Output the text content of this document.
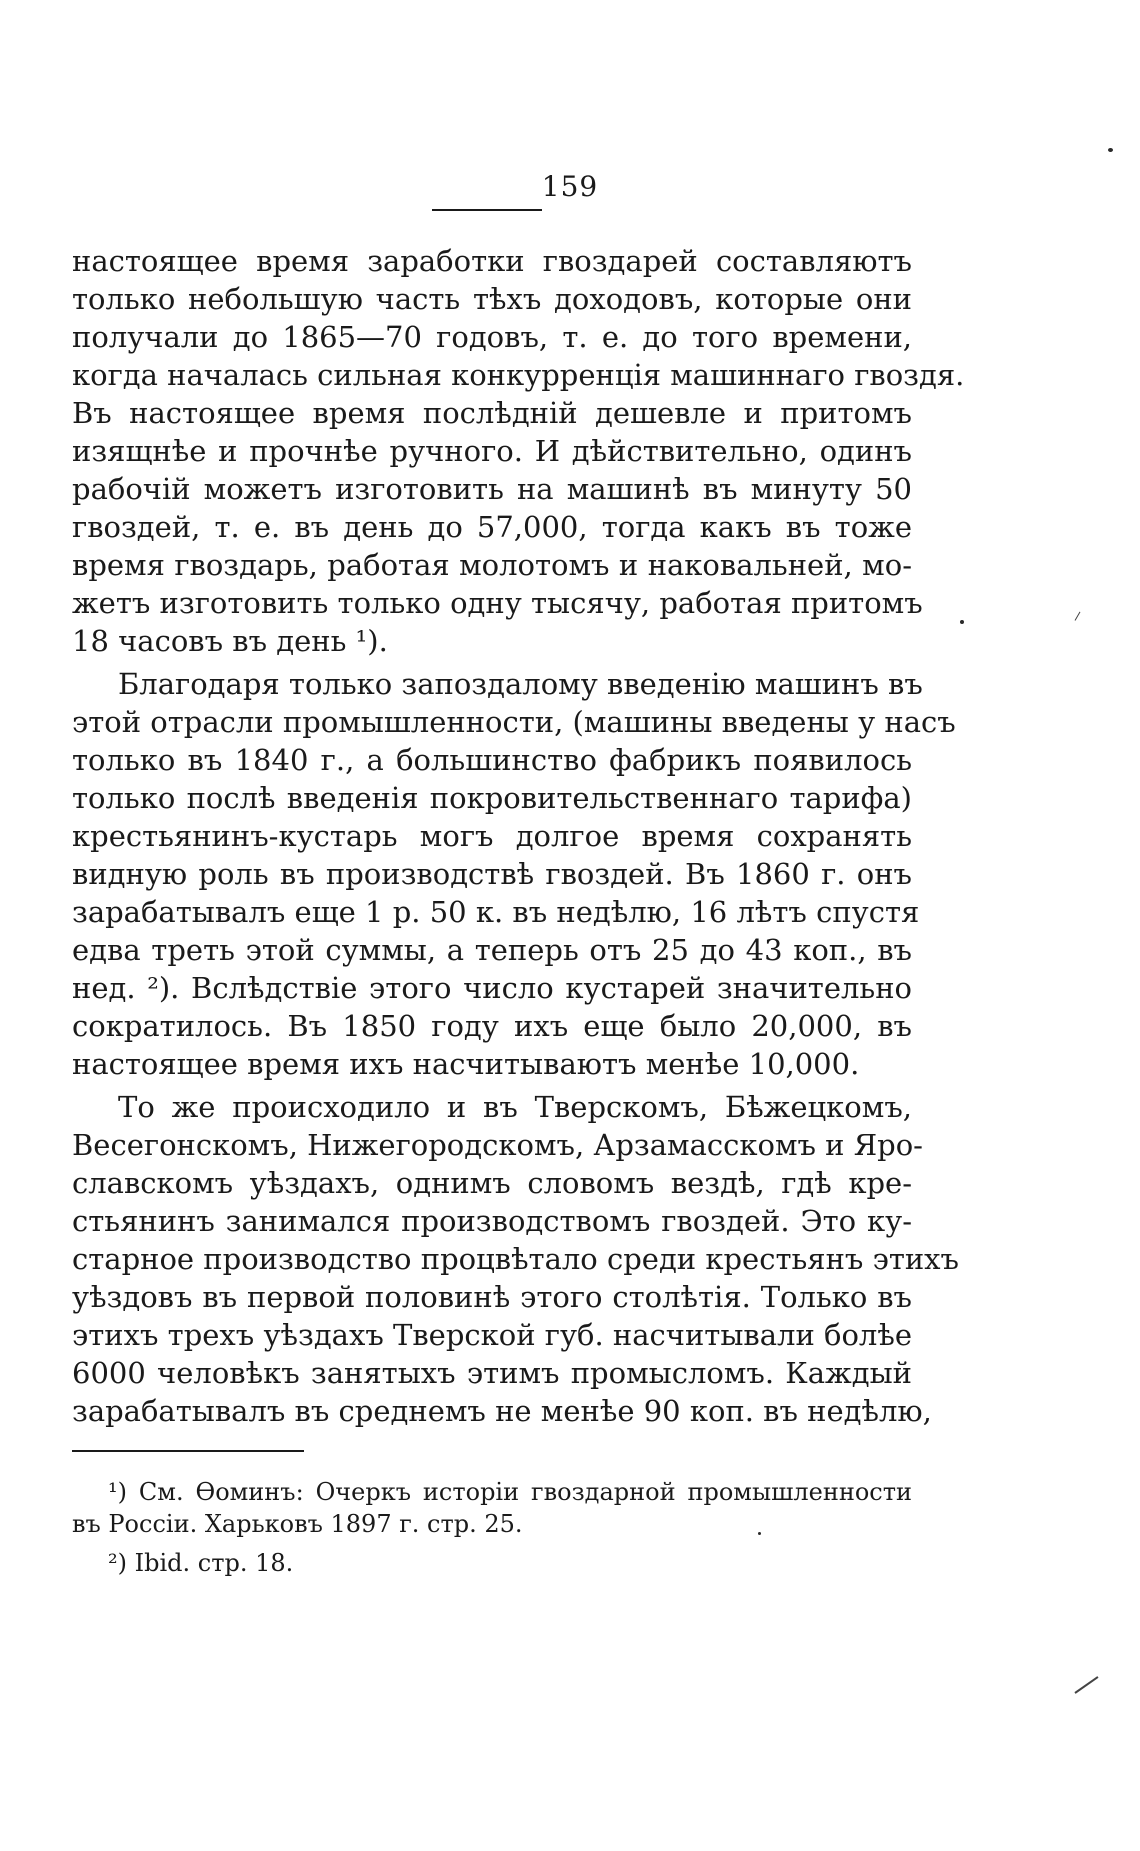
159
настоящее время заработки гвоздарей составляютъ
только небольшую часть тѣхъ доходовъ, которые они
получали до 1865—70 годовъ, т. е. до того времени,
когда началась сильная конкурренція машиннаго гвоздя.
Въ настоящее время послѣдній дешевле и притомъ
изящнѣе и прочнѣе ручного. И дѣйствительно, одинъ
рабочій можетъ изготовить на машинѣ въ минуту 50
гвоздей, т. е. въ день до 57,000, тогда какъ въ тоже
время гвоздарь, работая молотомъ и наковальней, мо-
жетъ изготовить только одну тысячу, работая притомъ
18 часовъ въ день ¹).
Благодаря только запоздалому введенію машинъ въ
этой отрасли промышленности, (машины введены у насъ
только въ 1840 г., а большинство фабрикъ появилось
только послѣ введенія покровительственнаго тарифа)
крестьянинъ-кустарь могъ долгое время сохранять
видную роль въ производствѣ гвоздей. Въ 1860 г. онъ
зарабатывалъ еще 1 р. 50 к. въ недѣлю, 16 лѣтъ спустя
едва треть этой суммы, а теперь отъ 25 до 43 коп., въ
нед. ²). Вслѣдствіе этого число кустарей значительно
сократилось. Въ 1850 году ихъ еще было 20,000, въ
настоящее время ихъ насчитываютъ менѣе 10,000.
То же происходило и въ Тверскомъ, Бѣжецкомъ,
Весегонскомъ, Нижегородскомъ, Арзамасскомъ и Яро-
славскомъ уѣздахъ, однимъ словомъ вездѣ, гдѣ кре-
стьянинъ занимался производствомъ гвоздей. Это ку-
старное производство процвѣтало среди крестьянъ этихъ
уѣздовъ въ первой половинѣ этого столѣтія. Только въ
этихъ трехъ уѣздахъ Тверской губ. насчитывали болѣе
6000 человѣкъ занятыхъ этимъ промысломъ. Каждый
зарабатывалъ въ среднемъ не менѣе 90 коп. въ недѣлю,
¹) См. Ѳоминъ: Очеркъ исторіи гвоздарной промышленности
въ Россіи. Харьковъ 1897 г. стр. 25.
²) Ibid. стр. 18.
